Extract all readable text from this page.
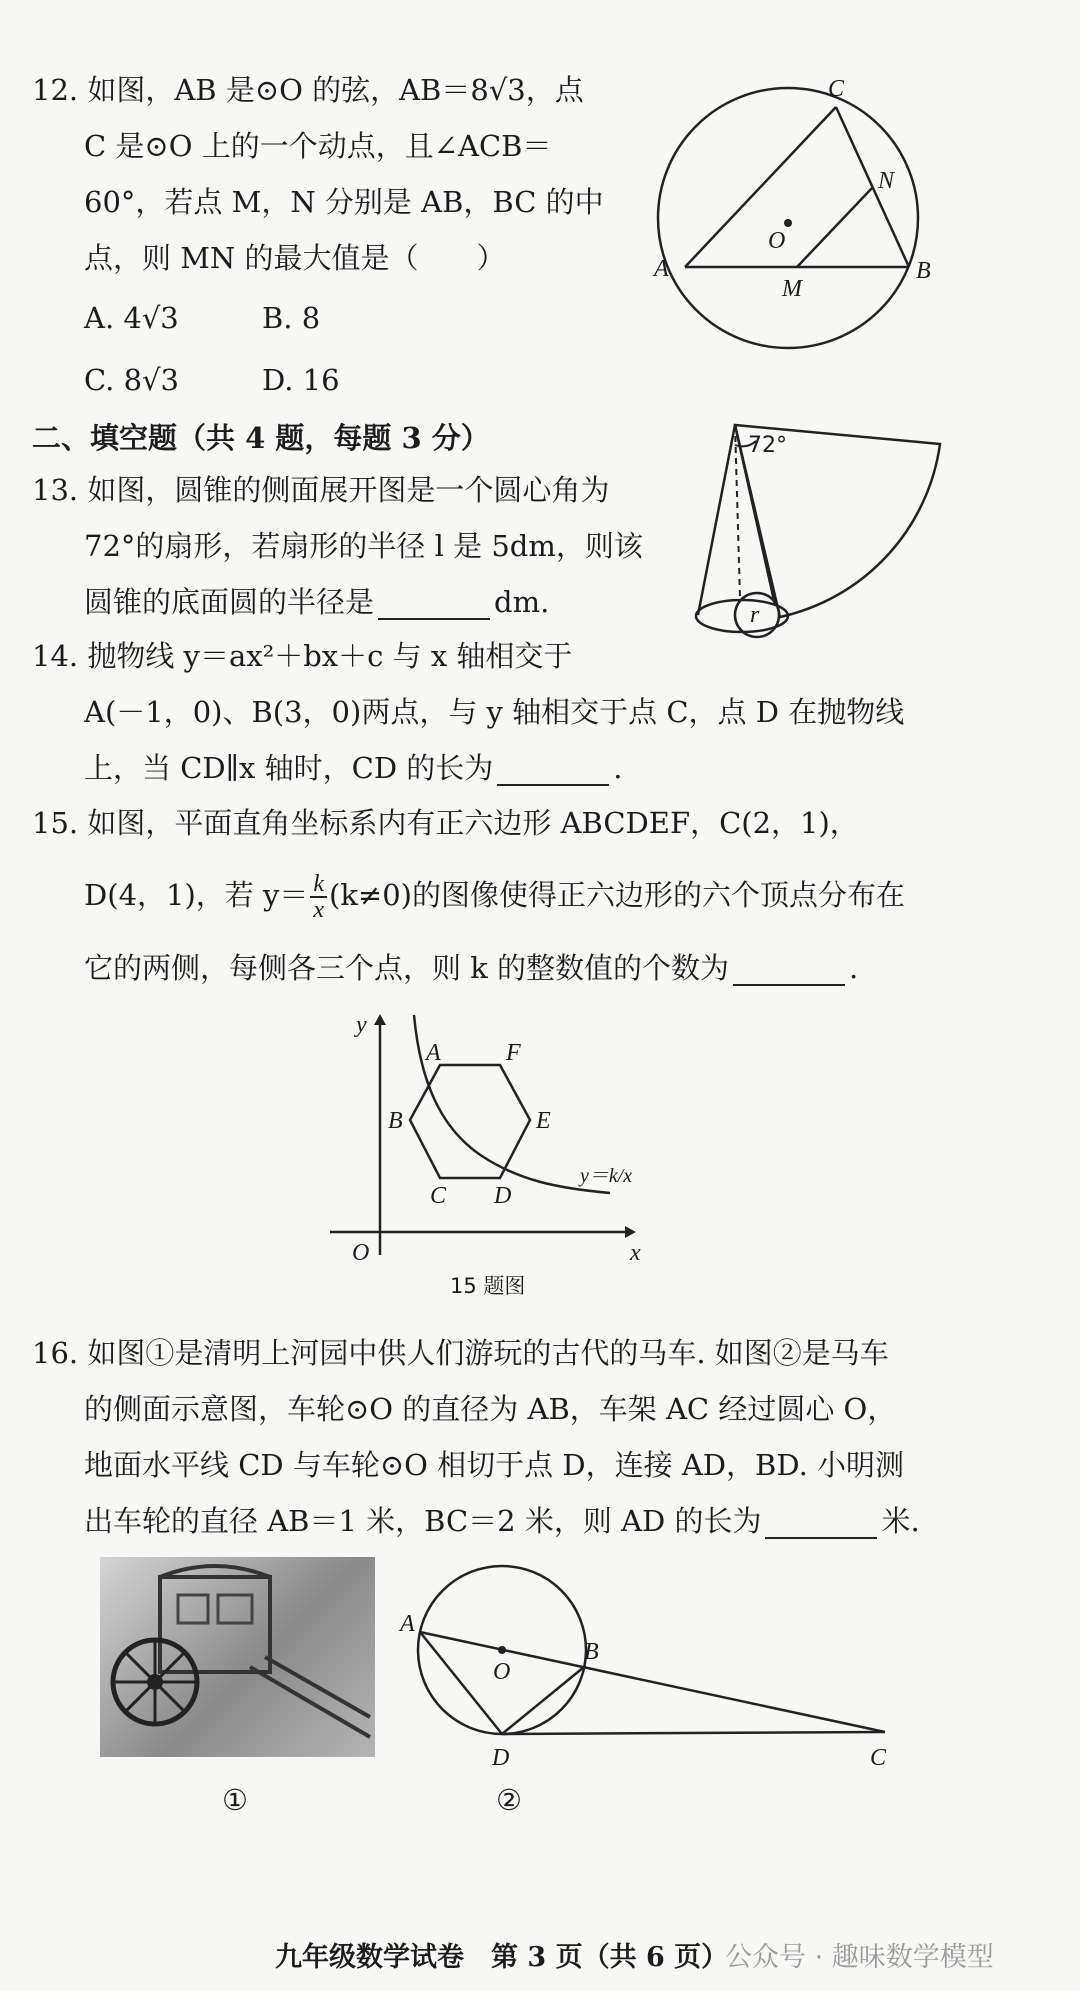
12. 如图，AB 是⊙O 的弦，AB＝8√3，点
C 是⊙O 上的一个动点，且∠ACB＝
60°，若点 M，N 分别是 AB，BC 的中
点，则 MN 的最大值是（　　）
A. 4√3	B. 8
C. 8√3	D. 16
A	B
C
M
N
O
二、填空题（共 4 题，每题 3 分）
13. 如图，圆锥的侧面展开图是一个圆心角为
72°的扇形，若扇形的半径 l 是 5dm，则该
圆锥的底面圆的半径是	dm.
72°
r
14. 抛物线 y＝ax²＋bx＋c 与 x 轴相交于
A(－1，0)、B(3，0)两点，与 y 轴相交于点 C，点 D 在抛物线
上，当 CD∥x 轴时，CD 的长为	.
15. 如图，平面直角坐标系内有正六边形 ABCDEF，C(2，1)，
D(4，1)，若 $y= \frac{k}{x} (k\ne 0)$的图像使得正六边形的六个顶点分布在
它的两侧，每侧各三个点，则 k 的整数值的个数为	.
y
x
O
A	F
B	E
C D
y＝k/x
15 题图
16. 如图①是清明上河园中供人们游玩的古代的马车. 如图②是马车
的侧面示意图，车轮⊙O 的直径为 AB，车架 AC 经过圆心 O，
地面水平线 CD 与车轮⊙O 相切于点 D，连接 AD，BD. 小明测
出车轮的直径 AB＝1 米，BC＝2 米，则 AD 的长为	米.
①
A
O
B
D	C
②
九年级数学试卷　第 3 页（共 6 页）
公众号 · 趣味数学模型
